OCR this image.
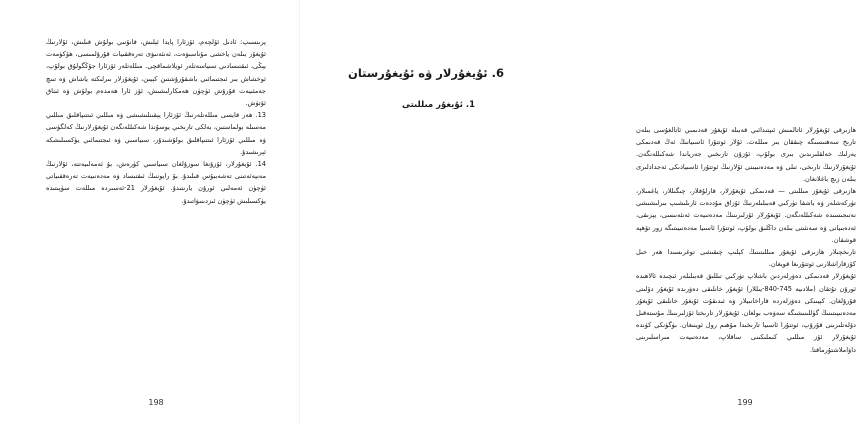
پرىنسىپ: ئادىل ئۆلچەم، ئۆزئارا پايدا ئېلىش، قانۇنىي بولۇش قىلىش، ئۇلارنىڭ ئۇيغۇر بىلەن ياخشى مۇناسىۋەت، ئەنئەنىۋى تەرەققىيات قۇرۇلمىسى، ھۆكۈمەت يېڭى، ئىقتىسادىي سىياسەتلەر ئويلاشماقچى. مىللەتلەر ئۆزئارا جۇڭگولۇق بولۇپ، ئوخشاش بىر ئىجتىمائىي باشقۇرۇشتىن كېيىن، ئۇيغۇرلار بىرلىكتە ياشاش ۋە تىنچ جەمئىيەت قۇرۇش ئۈچۈن ھەمكارلىشىش، ئۆز ئارا ھەمدەم بولۇش ۋە ئىناق ئۆتۈش.

13. ھەر قايسى مىللەتلەرنىڭ ئۆزئارا يېقىنلىشىشى ۋە مىللىي ئىتتىپاقلىق مىللىي مەسىلە بولماستىن، بەلكى تارىخىي يوسۇندا شەكىللەنگەن ئۇيغۇرلارنىڭ كەلگۈسى ۋە مىللىي ئۆزئارا ئىتتىپاقلىق بولۇشىدۇر، سىياسىي ۋە ئىجتىمائىي يۈكسىلىشكە ئېرىشىدۇ.

14. ئۇيغۇرلار، ئۇزۇنغا سوزۇلغان سىياسىي كۈرەش، بۇ ئەمەلىيەتتە، ئۇلارنىڭ مەنپەئەتىنى تەشەببۇس قىلىدۇ. بۇ رايوننىڭ ئىقتىساد ۋە مەدەنىيەت تەرەققىياتى ئۈچۈن ئەمەلىي ئورۇن يارىتىدۇ. ئۇيغۇرلار 21-ئەسىردە مىللەت سۈپىتىدە يۈكسىلىش ئۈچۈن ئىزدىنىۋاتىدۇ.

198
6. ئۇيغۇرلار ۋە ئۇيغۇرستان
1. ئۇيغۇر مىللىتى

ھازىرقى ئۇيغۇرلار ئاتالمىش ئىپتىدائىي قەبىلە ئۇيغۇر قەدىمىي ئاتالغۇسى بىلەن تارىخ سەھنىسىگە چىققان بىر مىللەت. ئۇلار ئوتتۇرا ئاسىيانىڭ ئەڭ قەدىمكى يەرلىك خەلقلىرىدىن بىرى بولۇپ، ئۇزۇن تارىخىي جەرياندا شەكىللەنگەن. ئۇيغۇرلارنىڭ تارىخى، تىلى ۋە مەدەنىيىتى ئۇلارنىڭ ئوتتۇرا ئاسىيادىكى ئەجدادلىرى بىلەن زىچ باغلانغان.

ھازىرقى ئۇيغۇر مىللىتى — قەدىمكى ئۇيغۇرلار، قارلۇقلار، چىگىللار، ياغمىلار، تۈركەشلەر ۋە باشقا تۈركىي قەبىلىلەرنىڭ ئۇزاق مۇددەت ئارىلىشىپ بىرلىشىشى نەتىجىسىدە شەكىللەنگەن. ئۇيغۇرلار ئۆزلىرىنىڭ مەدەنىيەت ئەنئەنىسى، يېزىقى، ئەدەبىياتى ۋە سەنئىتى بىلەن داڭلىق بولۇپ، ئوتتۇرا ئاسىيا مەدەنىيىتىگە زور تۆھپە قوشقان.

تارىخچىلار ھازىرقى ئۇيغۇر مىللىتىنىڭ كېلىپ چىقىشى توغرىسىدا ھەر خىل كۆزقاراشلارنى ئوتتۇرىغا قويغان.

ئۇيغۇرلار قەدىمكى دەۋرلەردىن باشلاپ تۈركىي تىللىق قەبىلىلەر ئىچىدە ئالاھىدە ئورۇن تۇتقان (ملادىيە 745-840-يىللار) ئۇيغۇر خانلىقى دەۋرىدە ئۇيغۇر دۆلىتى قۇرۇلغان. كېيىنكى دەۋرلەردە قاراخانىيلار ۋە ئىدىقۇت ئۇيغۇر خانلىقى ئۇيغۇر مەدەنىيىتىنىڭ گۈللىنىشىگە سەۋەب بولغان. ئۇيغۇرلار تارىختا ئۆزلىرىنىڭ مۇستەقىل دۆلەتلىرىنى قۇرۇپ، ئوتتۇرا ئاسىيا تارىخىدا مۇھىم رول ئوينىغان. بۈگۈنكى كۈندە ئۇيغۇرلار ئۆز مىللىي كىملىكىنى ساقلاپ، مەدەنىيەت مىراسلىرىنى داۋاملاشتۇرماقتا.

199
